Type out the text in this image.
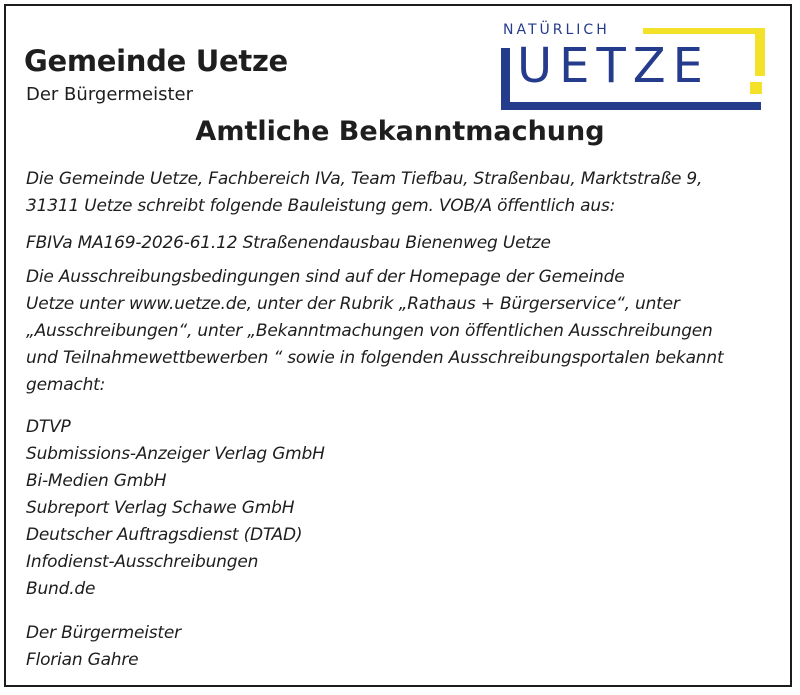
Gemeinde Uetze
Der Bürgermeister
NATÜRLICH
UETZE
Amtliche Bekanntmachung
Die Gemeinde Uetze, Fachbereich IVa, Team Tiefbau, Straßenbau, Marktstraße 9,
31311 Uetze schreibt folgende Bauleistung gem. VOB/A öffentlich aus:
FBIVa MA169-2026-61.12 Straßenendausbau Bienenweg Uetze
Die Ausschreibungsbedingungen sind auf der Homepage der Gemeinde
Uetze unter www.uetze.de, unter der Rubrik „Rathaus + Bürgerservice“, unter
„Ausschreibungen“, unter „Bekanntmachungen von öffentlichen Ausschreibungen
und Teilnahmewettbewerben “ sowie in folgenden Ausschreibungsportalen bekannt
gemacht:
DTVP
Submissions-Anzeiger Verlag GmbH
Bi-Medien GmbH
Subreport Verlag Schawe GmbH
Deutscher Auftragsdienst (DTAD)
Infodienst-Ausschreibungen
Bund.de
Der Bürgermeister
Florian Gahre
